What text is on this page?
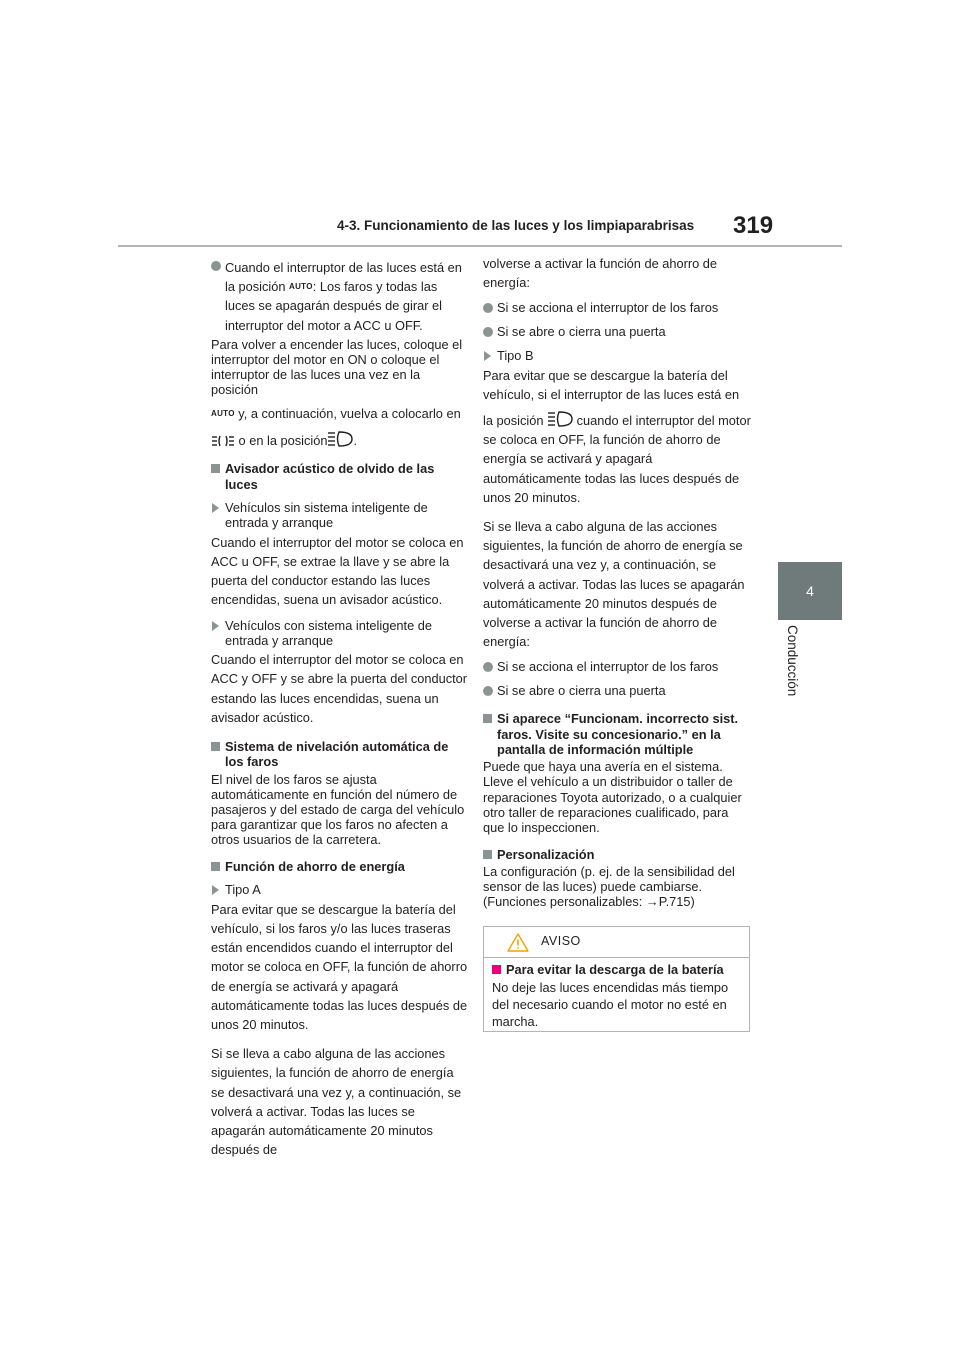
4-3. Funcionamiento de las luces y los limpiaparabrisas 319
4
Conducción

Cuando el interruptor de las luces está en la posición AUTO: Los faros y todas las luces se apagarán después de girar el interruptor del motor a ACC u OFF.

Para volver a encender las luces, coloque el interruptor del motor en ON o coloque el interruptor de las luces una vez en la posición

AUTO y, a continuación, vuelva a colocarlo en

o en la posición .

Avisador acústico de olvido de las luces

Vehículos sin sistema inteligente de entrada y arranque

Cuando el interruptor del motor se coloca en ACC u OFF, se extrae la llave y se abre la puerta del conductor estando las luces encendidas, suena un avisador acústico.

Vehículos con sistema inteligente de entrada y arranque

Cuando el interruptor del motor se coloca en ACC y OFF y se abre la puerta del conductor estando las luces encendidas, suena un avisador acústico.

Sistema de nivelación automática de los faros

El nivel de los faros se ajusta automáticamente en función del número de pasajeros y del estado de carga del vehículo para garantizar que los faros no afecten a otros usuarios de la carretera.

Función de ahorro de energía

Tipo A

Para evitar que se descargue la batería del vehículo, si los faros y/o las luces traseras están encendidos cuando el interruptor del motor se coloca en OFF, la función de ahorro de energía se activará y apagará automáticamente todas las luces después de unos 20 minutos.

Si se lleva a cabo alguna de las acciones siguientes, la función de ahorro de energía se desactivará una vez y, a continuación, se volverá a activar. Todas las luces se apagarán automáticamente 20 minutos después de

volverse a activar la función de ahorro de energía:

Si se acciona el interruptor de los faros

Si se abre o cierra una puerta

Tipo B

Para evitar que se descargue la batería del vehículo, si el interruptor de las luces está en

la posición  cuando el interruptor del motor se coloca en OFF, la función de ahorro de energía se activará y apagará automáticamente todas las luces después de unos 20 minutos.

Si se lleva a cabo alguna de las acciones siguientes, la función de ahorro de energía se desactivará una vez y, a continuación, se volverá a activar. Todas las luces se apagarán automáticamente 20 minutos después de volverse a activar la función de ahorro de energía:

Si se acciona el interruptor de los faros

Si se abre o cierra una puerta

Si aparece “Funcionam. incorrecto sist. faros. Visite su concesionario.” en la pantalla de información múltiple

Puede que haya una avería en el sistema. Lleve el vehículo a un distribuidor o taller de reparaciones Toyota autorizado, o a cualquier otro taller de reparaciones cualificado, para que lo inspeccionen.

Personalización

La configuración (p. ej. de la sensibilidad del sensor de las luces) puede cambiarse. (Funciones personalizables: →P.715)

AVISO

Para evitar la descarga de la batería

No deje las luces encendidas más tiempo del necesario cuando el motor no esté en marcha.
